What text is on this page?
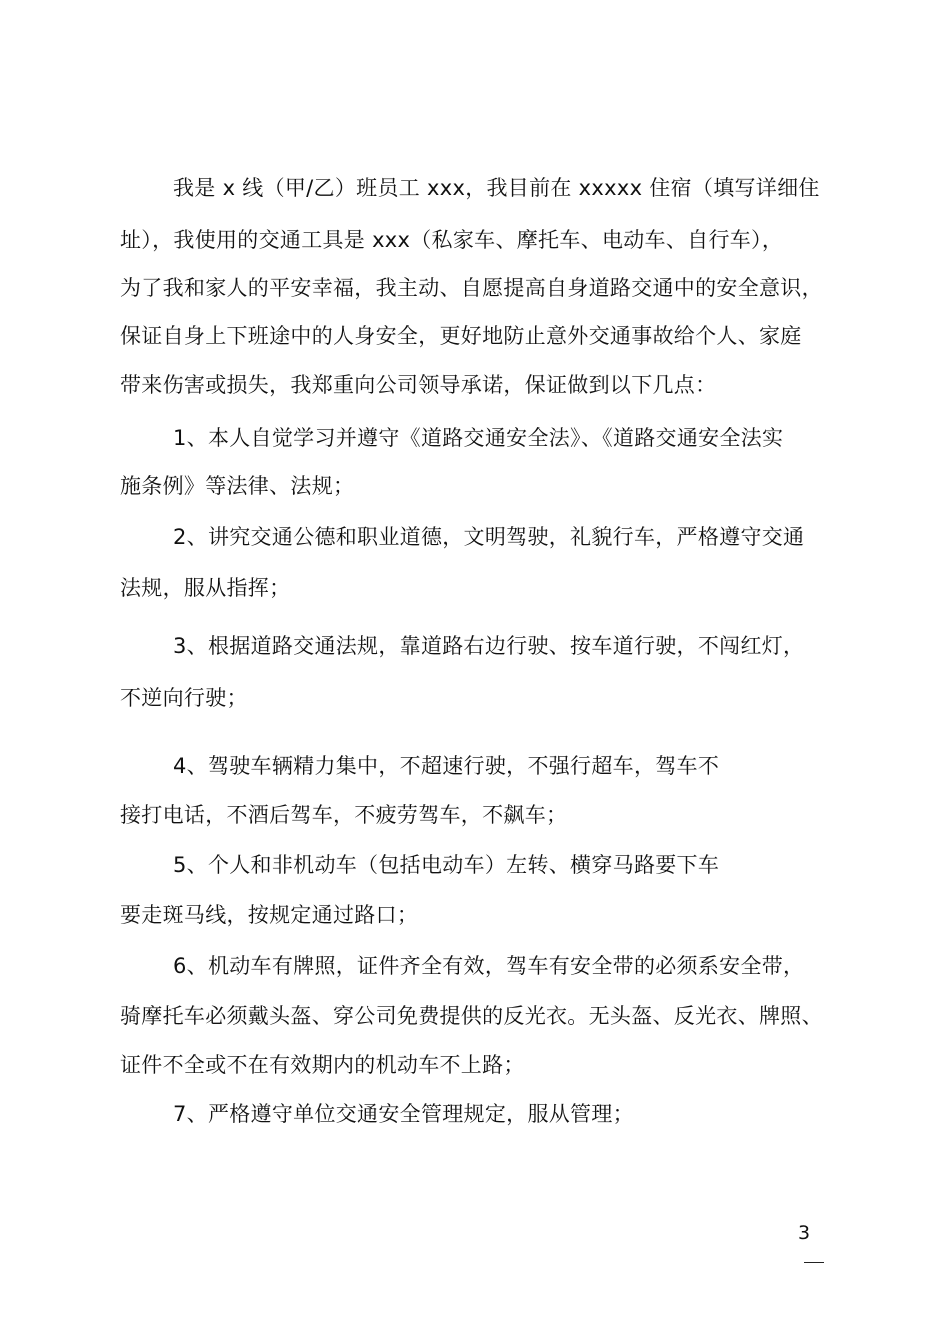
我是 x 线（甲/乙）班员工 xxx，我目前在 xxxxx 住宿（填写详细住
址），我使用的交通工具是 xxx（私家车、摩托车、电动车、自行车），
为了我和家人的平安幸福，我主动、自愿提高自身道路交通中的安全意识，
保证自身上下班途中的人身安全，更好地防止意外交通事故给个人、家庭
带来伤害或损失，我郑重向公司领导承诺，保证做到以下几点：
1、本人自觉学习并遵守《道路交通安全法》、《道路交通安全法实
施条例》等法律、法规；
2、讲究交通公德和职业道德，文明驾驶，礼貌行车，严格遵守交通
法规，服从指挥；
3、根据道路交通法规，靠道路右边行驶、按车道行驶，不闯红灯，
不逆向行驶；
4、驾驶车辆精力集中，不超速行驶，不强行超车，驾车不
接打电话，不酒后驾车，不疲劳驾车，不飙车；
5、个人和非机动车（包括电动车）左转、横穿马路要下车
要走斑马线，按规定通过路口；
6、机动车有牌照，证件齐全有效，驾车有安全带的必须系安全带，
骑摩托车必须戴头盔、穿公司免费提供的反光衣。无头盔、反光衣、牌照、
证件不全或不在有效期内的机动车不上路；
7、严格遵守单位交通安全管理规定，服从管理；
3
